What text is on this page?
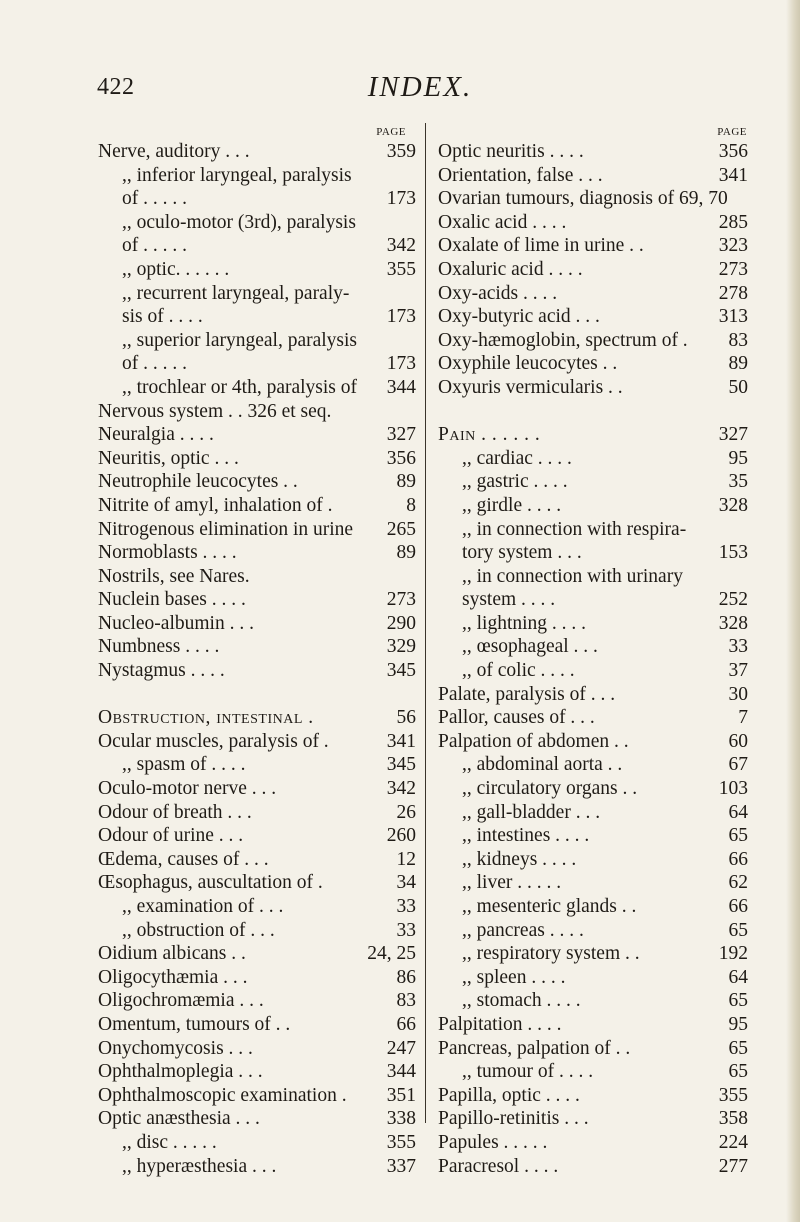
422	INDEX.
PAGE
Nerve, auditory . . .	359
,, inferior laryngeal, paralysis
of . . . . .	173
,, oculo-motor (3rd), paralysis
of . . . . .	342
,, optic. . . . . .	355
,, recurrent laryngeal, paraly-
sis of . . . .	173
,, superior laryngeal, paralysis
of . . . . .	173
,, trochlear or 4th, paralysis of 344
Nervous system . . 326 et seq.
Neuralgia . . . .	327
Neuritis, optic . . .	356
Neutrophile leucocytes . .	89
Nitrite of amyl, inhalation of .	8
Nitrogenous elimination in urine 265
Normoblasts . . . .	89
Nostrils, see Nares.
Nuclein bases . . . .	273
Nucleo-albumin . . .	290
Numbness . . . .	329
Nystagmus . . . .	345
Obstruction, intestinal .	56
Ocular muscles, paralysis of .	341
,, spasm of . . . .	345
Oculo-motor nerve . . .	342
Odour of breath . . .	26
Odour of urine . . .	260
Œdema, causes of . . .	12
Œsophagus, auscultation of .	34
,, examination of . . .	33
,, obstruction of . . .	33
Oidium albicans . .	24, 25
Oligocythæmia . . .	86
Oligochromæmia . . .	83
Omentum, tumours of . .	66
Onychomycosis . . .	247
Ophthalmoplegia . . .	344
Ophthalmoscopic examination . 351
Optic anæsthesia . . .	338
,, disc . . . . .	355
,, hyperæsthesia . . .	337
PAGE
Optic neuritis . . . .	356
Orientation, false . . .	341
Ovarian tumours, diagnosis of 69, 70
Oxalic acid . . . .	285
Oxalate of lime in urine . .	323
Oxaluric acid . . . .	273
Oxy-acids . . . .	278
Oxy-butyric acid . . .	313
Oxy-hæmoglobin, spectrum of . 83
Oxyphile leucocytes . .	89
Oxyuris vermicularis . .	50
Pain . . . . . .	327
,, cardiac . . . .	95
,, gastric . . . .	35
,, girdle . . . .	328
,, in connection with respira-
tory system . . .	153
,, in connection with urinary
system . . . .	252
,, lightning . . . .	328
,, œsophageal . . .	33
,, of colic . . . .	37
Palate, paralysis of . . .	30
Pallor, causes of . . .	7
Palpation of abdomen . .	60
,, abdominal aorta . .	67
,, circulatory organs . .	103
,, gall-bladder . . .	64
,, intestines . . . .	65
,, kidneys . . . .	66
,, liver . . . . .	62
,, mesenteric glands . .	66
,, pancreas . . . .	65
,, respiratory system . .	192
,, spleen . . . .	64
,, stomach . . . .	65
Palpitation . . . .	95
Pancreas, palpation of . .	65
,, tumour of . . . .	65
Papilla, optic . . . .	355
Papillo-retinitis . . .	358
Papules . . . . .	224
Paracresol . . . .	277
